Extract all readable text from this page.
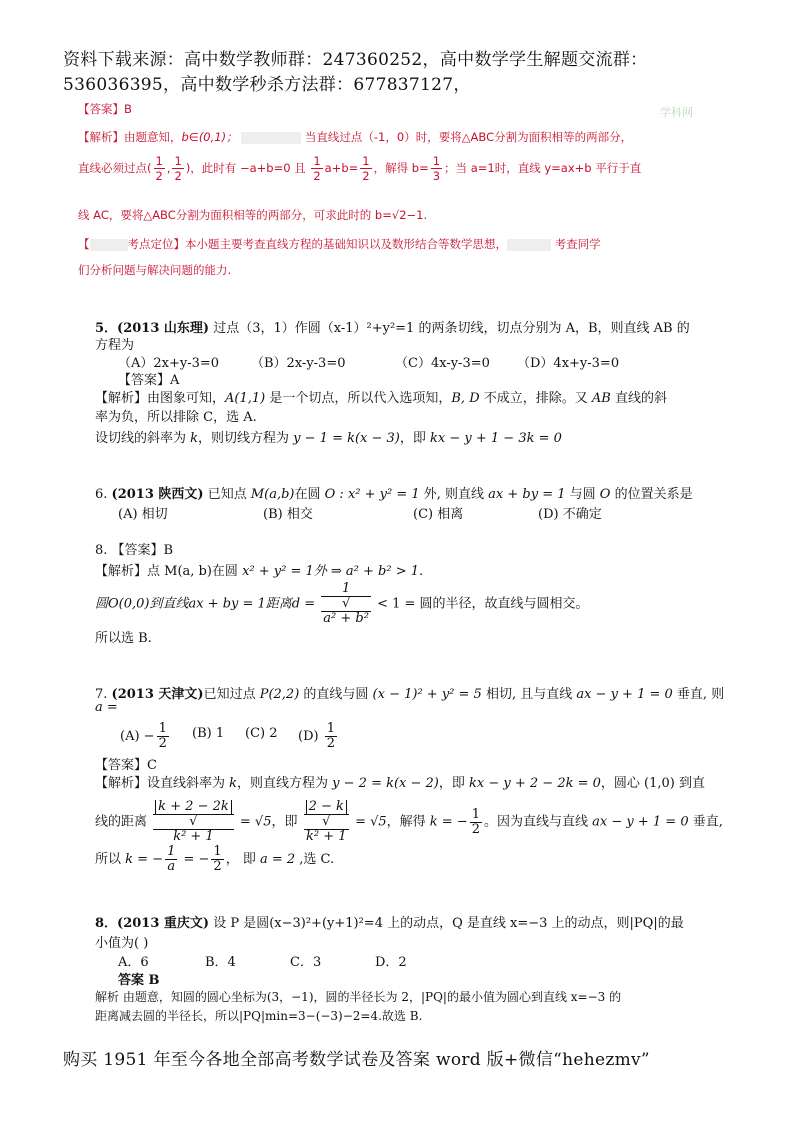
资料下载来源：高中数学教师群：247360252，高中数学学生解题交流群：
536036395，高中数学秒杀方法群：677837127，
【答案】B	学科网
【解析】由题意知，b∈(0,1)；	当直线过点（-1，0）时，要将△ABC分割为面积相等的两部分，
直线必须过点( $\frac{1}{2}$ , $\frac{1}{2}$ )，此时有 −a+b=0 且 $\frac{1}{2} a+b= \frac{1}{2}$ ，解得 $b= \frac{1}{3}$ ；当 a=1时，直线 y=ax+b 平行于直
线 AC，要将△ABC分割为面积相等的两部分，可求此时的 b=√2−1.
【	考点定位】本小题主要考查直线方程的基础知识以及数形结合等数学思想，	考查同学
们分析问题与解决问题的能力.
5．(2013 山东理) 过点（3，1）作圆（x-1）²+y²=1 的两条切线，切点分别为 A，B，则直线 AB 的
方程为
（A）2x+y-3=0 （B）2x-y-3=0	（C）4x-y-3=0 （D）4x+y-3=0
【答案】A
【解析】由图象可知，A(1,1) 是一个切点，所以代入选项知，B, D 不成立，排除。又 AB 直线的斜
率为负，所以排除 C，选 A.
设切线的斜率为 k，则切线方程为 y − 1 = k(x − 3)，即 kx − y + 1 − 3k = 0
6. (2013 陕西文) 已知点 M(a,b)在圆 O : x² + y² = 1 外, 则直线 ax + by = 1 与圆 O 的位置关系是
(A) 相切	(B) 相交	(C) 相离	(D) 不确定
8. 【答案】B
【解析】点 M(a, b)在圆 x² + y² = 1外 ⇒ a² + b² > 1.
圆O(0,0)到直线ax + by = 1距离d = 1
√
a² + b² < 1 = 圆的半径，故直线与圆相交。
所以选 B.
7. (2013 天津文)已知过点 P(2,2) 的直线与圆 (x − 1)² + y² = 5 相切, 且与直线 ax − y + 1 = 0 垂直, 则
a =
$(A) - \frac{1}{2} (B)$ 1 (C) 2 $(D) \frac{1}{2}$
【答案】C
【解析】设直线斜率为 k，则直线方程为 y − 2 = k(x − 2)，即 kx − y + 2 − 2k = 0，圆心 (1,0) 到直
线的距离 k + 2 − 2k
√
k² + 1 = √5，即 2 − k
√
k² + 1 = √5，解得 k = − $\frac{1}{2}$ 。因为直线与直线 ax − y + 1 = 0 垂直,
所以 k = − $\frac{1}{a}$ = − $\frac{1}{2}$ ， 即 a = 2 ,选 C.
8．(2013 重庆文) 设 P 是圆(x−3)²+(y+1)²=4 上的动点，Q 是直线 x=−3 上的动点，则|PQ|的最
小值为( )
A．6	B．4	C．3	D．2
答案 B
解析 由题意，知圆的圆心坐标为(3，−1)，圆的半径长为 2，|PQ|的最小值为圆心到直线 x=−3 的
距离减去圆的半径长，所以|PQ|min=3−(−3)−2=4.故选 B.
购买 1951 年至今各地全部高考数学试卷及答案 word 版+微信“hehezmv”
